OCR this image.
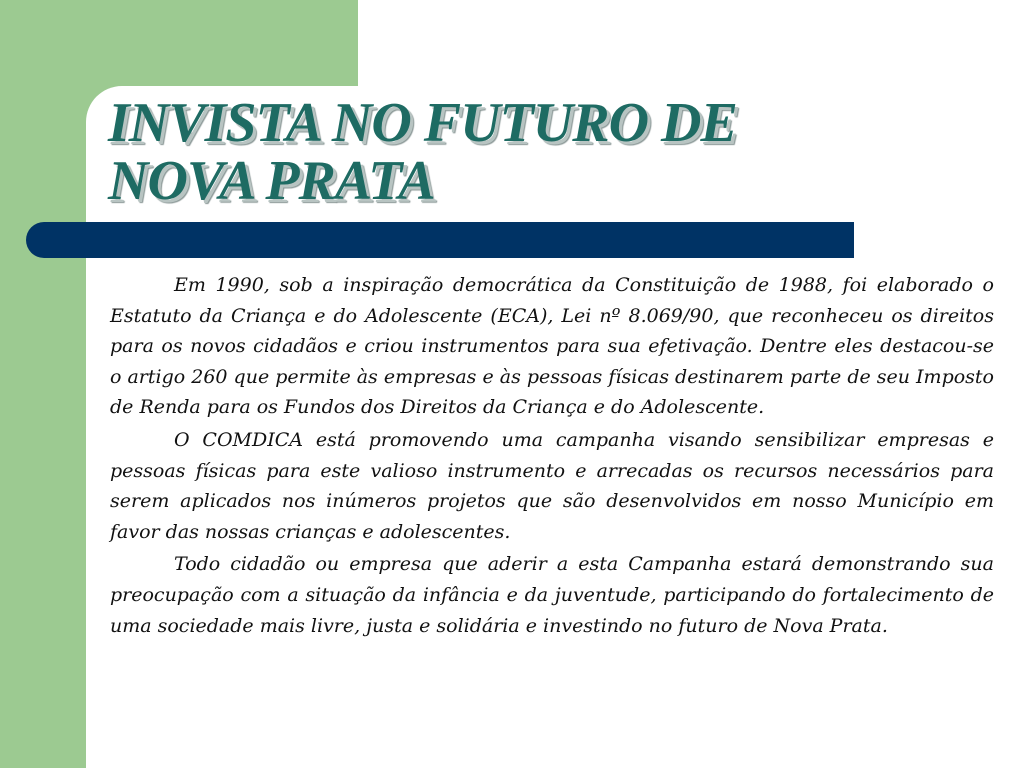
INVISTA NO FUTURO DE
NOVA PRATA

Em 1990, sob a inspiração democrática da Constituição de 1988, foi elaborado o Estatuto da Criança e do Adolescente (ECA), Lei nº 8.069/90, que reconheceu os direitos para os novos cidadãos e criou instrumentos para sua efetivação. Dentre eles destacou-se o artigo 260 que permite às empresas e às pessoas físicas destinarem parte de seu Imposto de Renda para os Fundos dos Direitos da Criança e do Adolescente.

O COMDICA está promovendo uma campanha visando sensibilizar empresas e pessoas físicas para este valioso instrumento e arrecadas os recursos necessários para serem aplicados nos inúmeros projetos que são desenvolvidos em nosso Município em favor das nossas crianças e adolescentes.

Todo cidadão ou empresa que aderir a esta Campanha estará demonstrando sua preocupação com a situação da infância e da juventude, participando do fortalecimento de uma sociedade mais livre, justa e solidária e investindo no futuro de Nova Prata.
